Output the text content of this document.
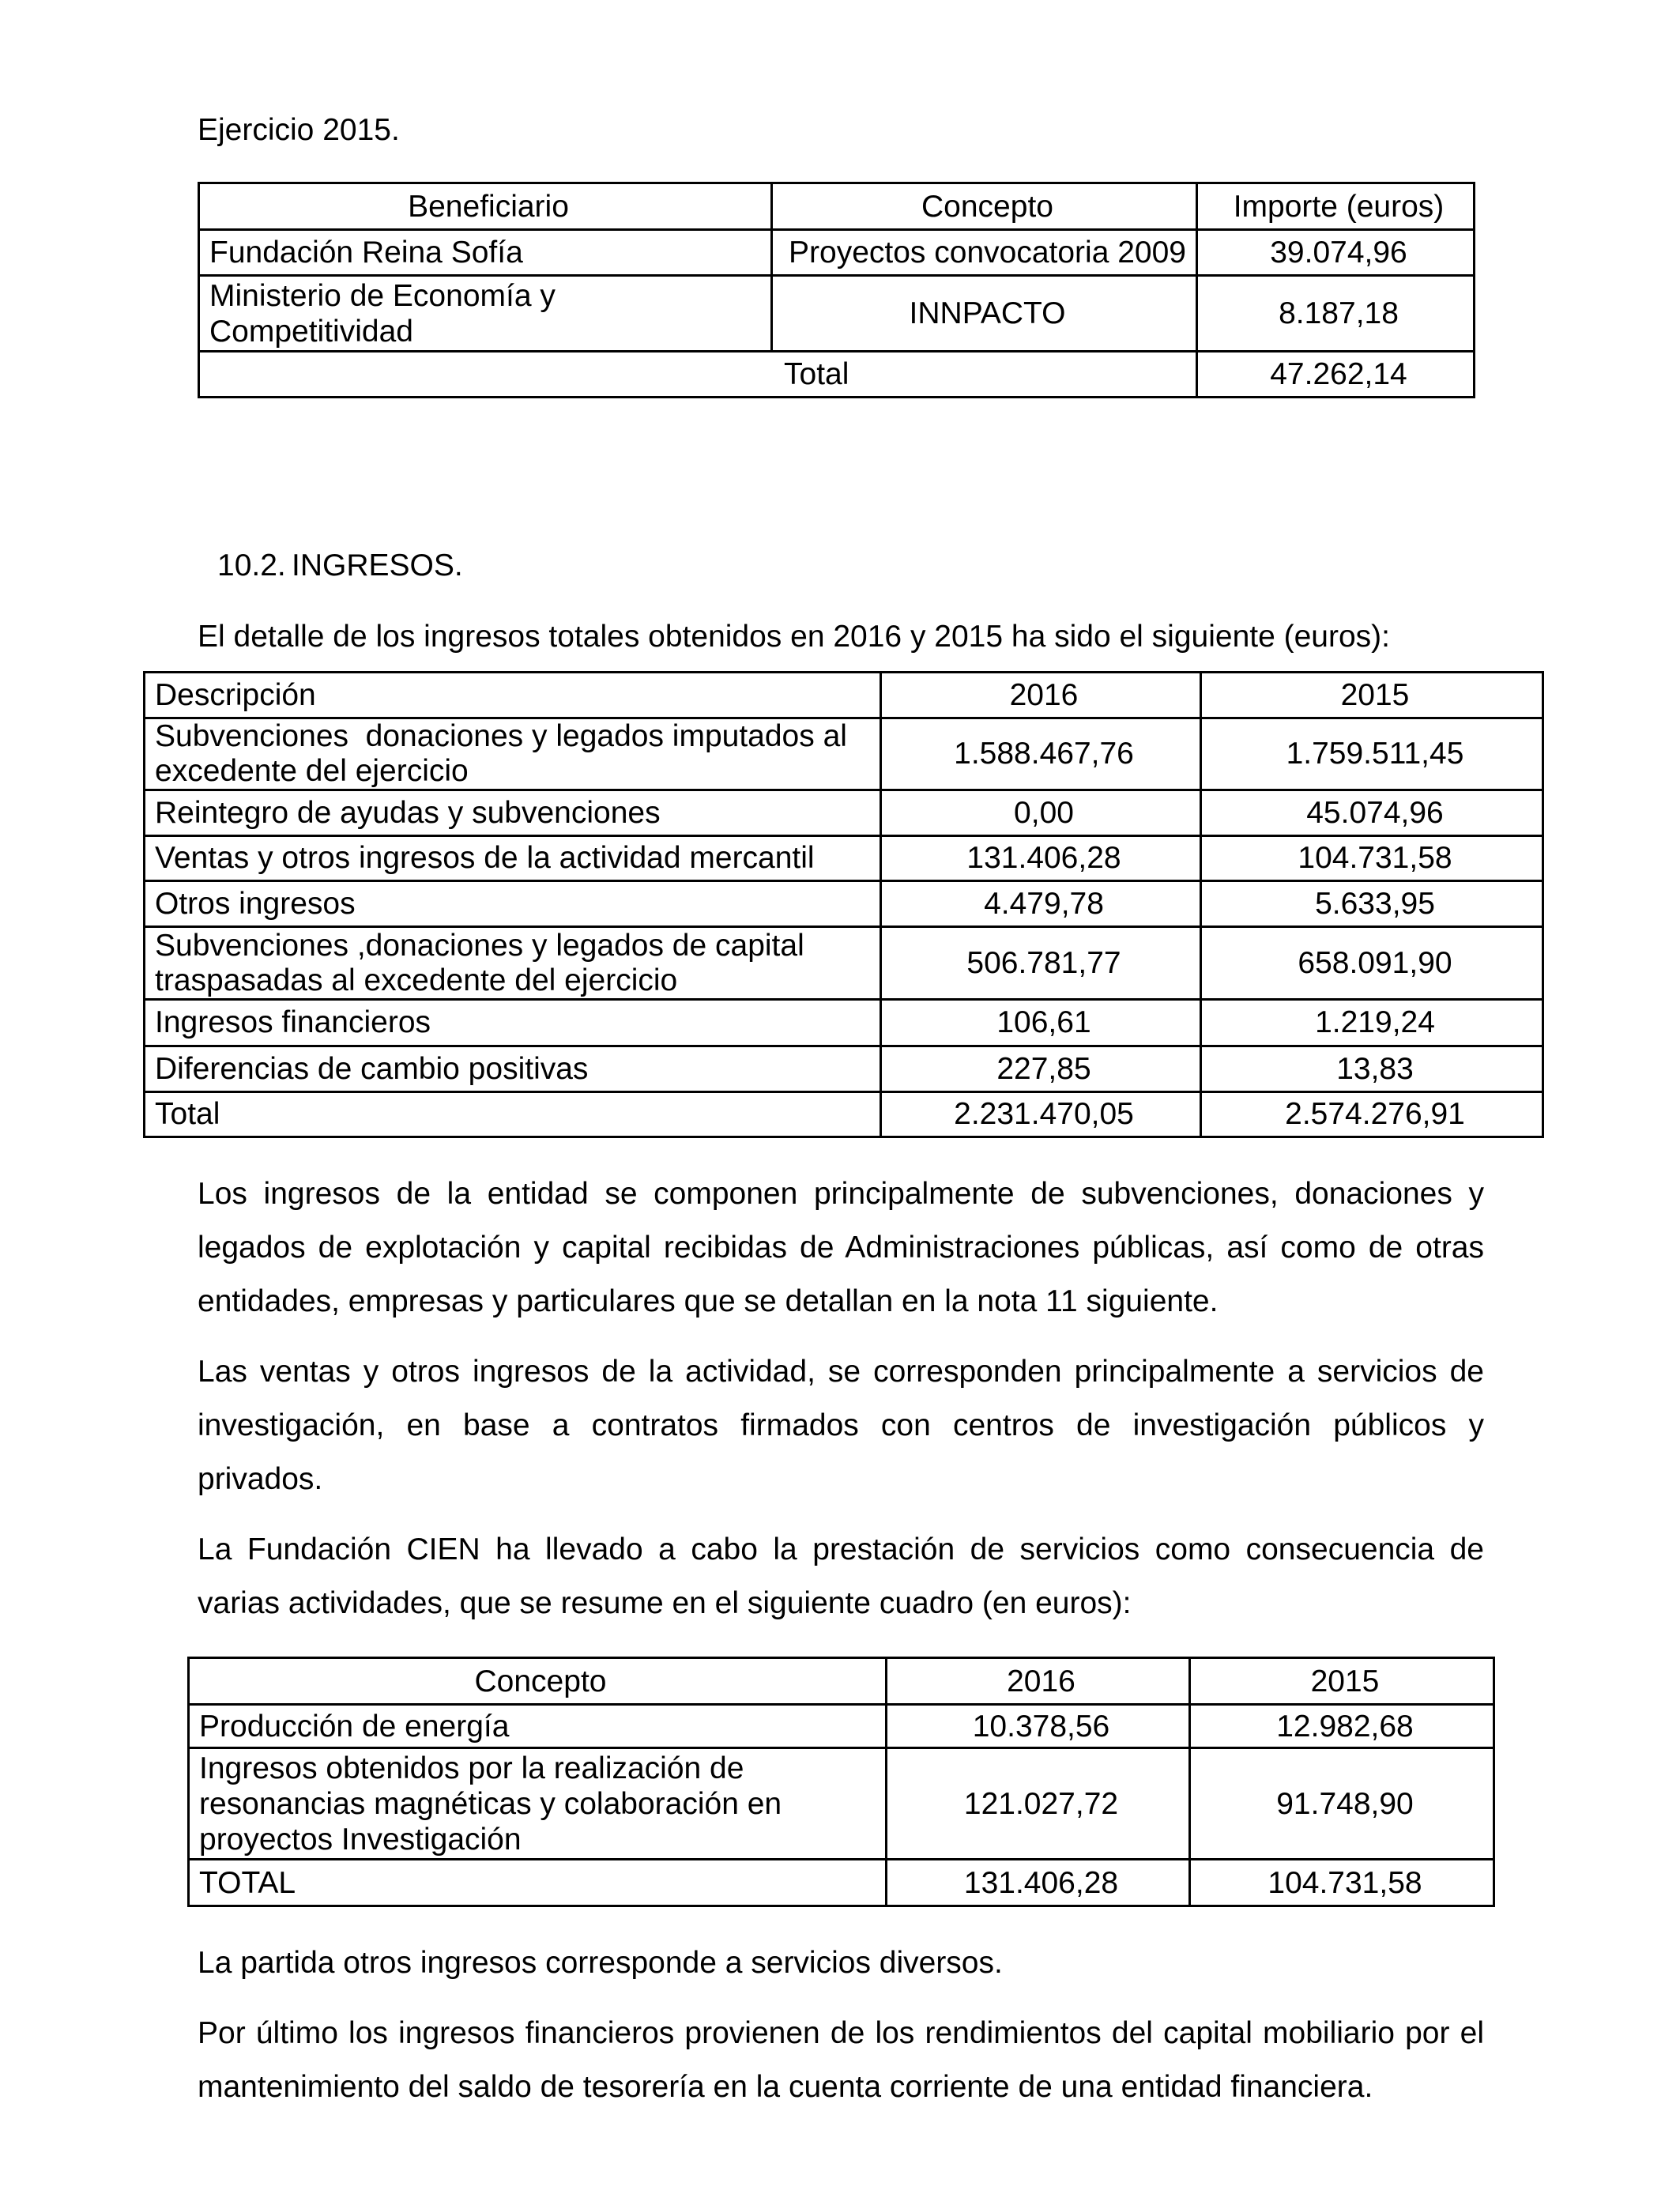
Ejercicio 2015.
Beneficiario	Concepto	Importe (euros)

Fundación Reina Sofía	Proyectos convocatoria 2009	39.074,96

Ministerio de Economía y Competitividad	INNPACTO	8.187,18
Total		47.262,14
10.2. INGRESOS.
El detalle de los ingresos totales obtenidos en 2016 y 2015 ha sido el siguiente (euros):
Descripción	2016	2015
Subvenciones  donaciones y legados imputados al excedente del ejercicio	1.588.467,76	1.759.511,45
Reintegro de ayudas y subvenciones	0,00	45.074,96
Ventas y otros ingresos de la actividad mercantil	131.406,28	104.731,58
Otros ingresos	4.479,78	5.633,95
Subvenciones ,donaciones y legados de capital traspasadas al excedente del ejercicio	506.781,77	658.091,90
Ingresos financieros	106,61	1.219,24
Diferencias de cambio positivas	227,85	13,83
Total	2.231.470,05	2.574.276,91
Los ingresos de la entidad se componen principalmente de subvenciones, donaciones y
legados de explotación y capital recibidas de Administraciones públicas, así como de otras
entidades, empresas y particulares que se detallan en la nota 11 siguiente.
Las ventas y otros ingresos de la actividad, se corresponden principalmente a servicios de
investigación, en base a contratos firmados con centros de investigación públicos y
privados.
La Fundación CIEN ha llevado a cabo la prestación de servicios como consecuencia de
varias actividades, que se resume en el siguiente cuadro (en euros):
Concepto	2016	2015
Producción de energía	10.378,56	12.982,68
Ingresos obtenidos por la realización de resonancias magnéticas y colaboración en proyectos Investigación	121.027,72	91.748,90
TOTAL	131.406,28	104.731,58
La partida otros ingresos corresponde a servicios diversos.
Por último los ingresos financieros provienen de los rendimientos del capital mobiliario por el
mantenimiento del saldo de tesorería en la cuenta corriente de una entidad financiera.
